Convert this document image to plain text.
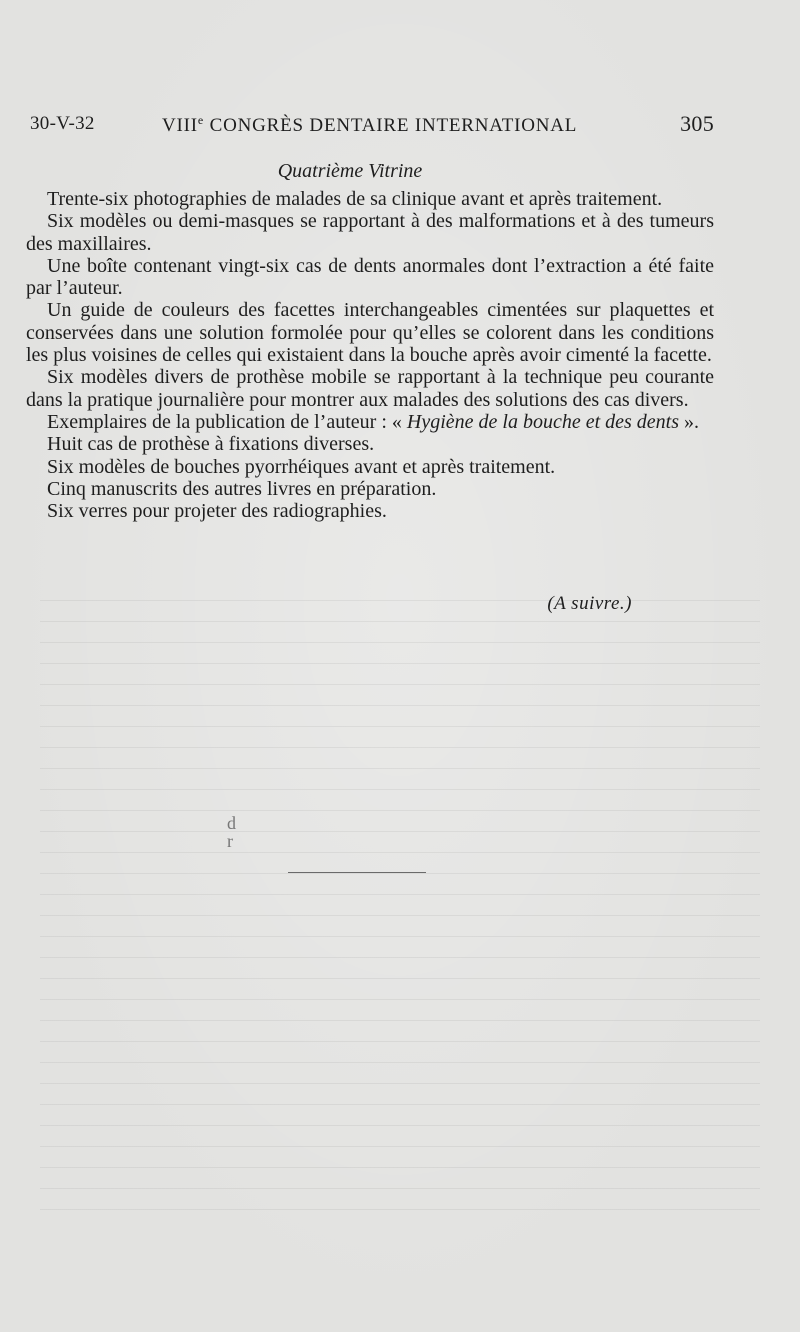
30-V-32	VIIIe CONGRÈS DENTAIRE INTERNATIONAL	305
Quatrième Vitrine

Trente-six photographies de malades de sa clinique avant et après traitement.

Six modèles ou demi-masques se rapportant à des malformations et à des tumeurs des maxillaires.

Une boîte contenant vingt-six cas de dents anormales dont l’extraction a été faite par l’auteur.

Un guide de couleurs des facettes interchangeables cimentées sur plaquettes et conservées dans une solution formolée pour qu’elles se colorent dans les conditions les plus voisines de celles qui existaient dans la bouche après avoir cimenté la facette.

Six modèles divers de prothèse mobile se rapportant à la technique peu courante dans la pratique journalière pour montrer aux malades des solutions des cas divers.

Exemplaires de la publication de l’auteur : « Hygiène de la bouche et des dents ».

Huit cas de prothèse à fixations diverses.

Six modèles de bouches pyorrhéiques avant et après traitement.

Cinq manuscrits des autres livres en préparation.

Six verres pour projeter des radiographies.

(A suivre.)
d
r
